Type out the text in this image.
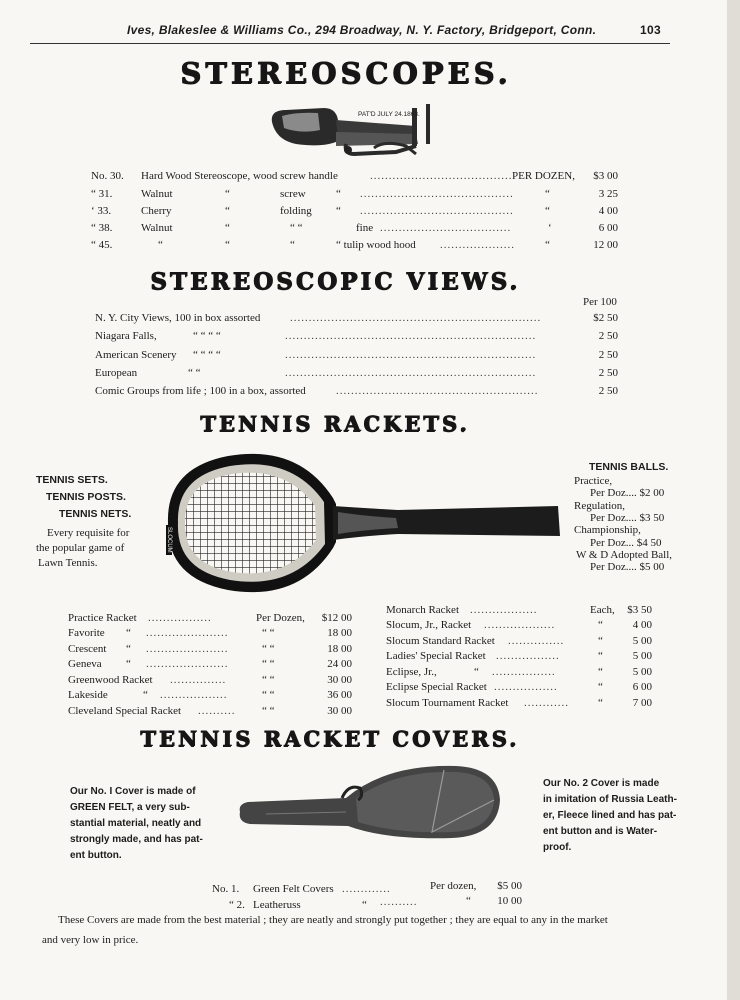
Ives, Blakeslee & Williams Co., 294 Broadway, N. Y. Factory, Bridgeport, Conn.	103
STEREOSCOPES.
PAT'D JULY 24.1863.
No. 30. Hard Wood Stereoscope, wood screw handle	...................................... PER DOZEN,	$3 00
“ 31.	Walnut	“	screw	“ .........................................	“	3 25
‘ 33.	Cherry	“	folding “ .........................................	“	4 00
“ 38.	Walnut	“	“ “	fine ...................................	‘	6 00
“ 45.	“	“	“	“ tulip wood hood ....................	“	12 00
STEREOSCOPIC VIEWS.
Per 100
N. Y. City Views, 100 in box assorted	...................................................................	$2 50
Niagara Falls,	“ “ “ “	...................................................................	2 50
American Scenery “ “ “ “	...................................................................	2 50
European	“ “	...................................................................	2 50
Comic Groups from life ; 100 in a box, assorted	......................................................	2 50
TENNIS RACKETS.
TENNIS SETS.
TENNIS POSTS.
TENNIS NETS.
Every requisite for
the popular game of
Lawn Tennis.
SLOCUM
TENNIS BALLS.
Practice,
Per Doz.... $2 00
Regulation,
Per Doz.... $3 50
Championship,
Per Doz... $4 50
W & D Adopted Ball,
Per Doz.... $5 00
Practice Racket .................	Per Dozen,	$12 00
Favorite “ ......................	“ “	18 00
Crescent “ ......................	“ “	18 00
Geneva “ ......................	“ “	24 00
Greenwood Racket ...............	“ “	30 00
Lakeside	“ ..................	“ “	36 00
Cleveland Special Racket .......... “ “	30 00
Monarch Racket ..................	Each,	$3 50
Slocum, Jr., Racket ...................	“	4 00
Slocum Standard Racket ...............	“	5 00
Ladies' Special Racket .................	“	5 00
Eclipse, Jr.,	“ .................	“	5 00
Eclipse Special Racket .................	“	6 00
Slocum Tournament Racket ............	“	7 00
TENNIS RACKET COVERS.
Our No. I Cover is made of
GREEN FELT, a very sub-
stantial material, neatly and
strongly made, and has pat-
ent button.
Our No. 2 Cover is made
in imitation of Russia Leath-
er, Fleece lined and has pat-
ent button and is Water-
proof.
No. 1. Green Felt Covers .............	Per dozen,	$5 00
“ 2. Leatheruss	“ ..........	“	10 00
These Covers are made from the best material ; they are neatly and strongly put together ; they are equal to any in the market
and very low in price.
